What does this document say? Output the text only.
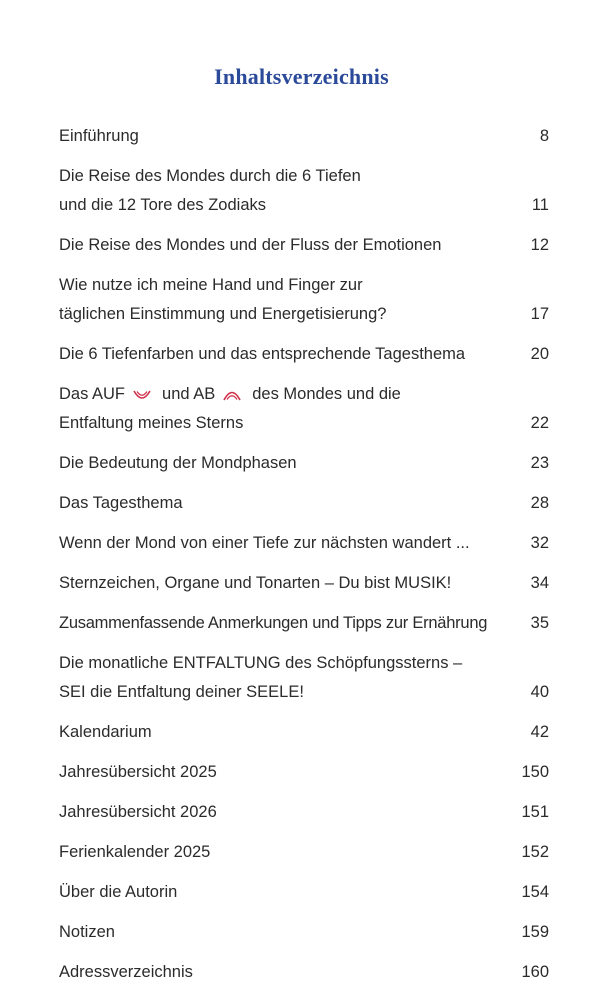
Inhaltsverzeichnis
Einführung	8
Die Reise des Mondes durch die 6 Tiefen
und die 12 Tore des Zodiaks	11
Die Reise des Mondes und der Fluss der Emotionen	12
Wie nutze ich meine Hand und Finger zur
täglichen Einstimmung und Energetisierung?	17
Die 6 Tiefenfarben und das entsprechende Tagesthema	20
Das AUF und AB des Mondes und die
Entfaltung meines Sterns	22
Die Bedeutung der Mondphasen	23
Das Tagesthema	28
Wenn der Mond von einer Tiefe zur nächsten wandert ...	32
Sternzeichen, Organe und Tonarten – Du bist MUSIK!	34
Zusammenfassende Anmerkungen und Tipps zur Ernährung	35
Die monatliche ENTFALTUNG des Schöpfungssterns –
SEI die Entfaltung deiner SEELE!	40
Kalendarium	42
Jahresübersicht 2025	150
Jahresübersicht 2026	151
Ferienkalender 2025	152
Über die Autorin	154
Notizen	159
Adressverzeichnis	160
